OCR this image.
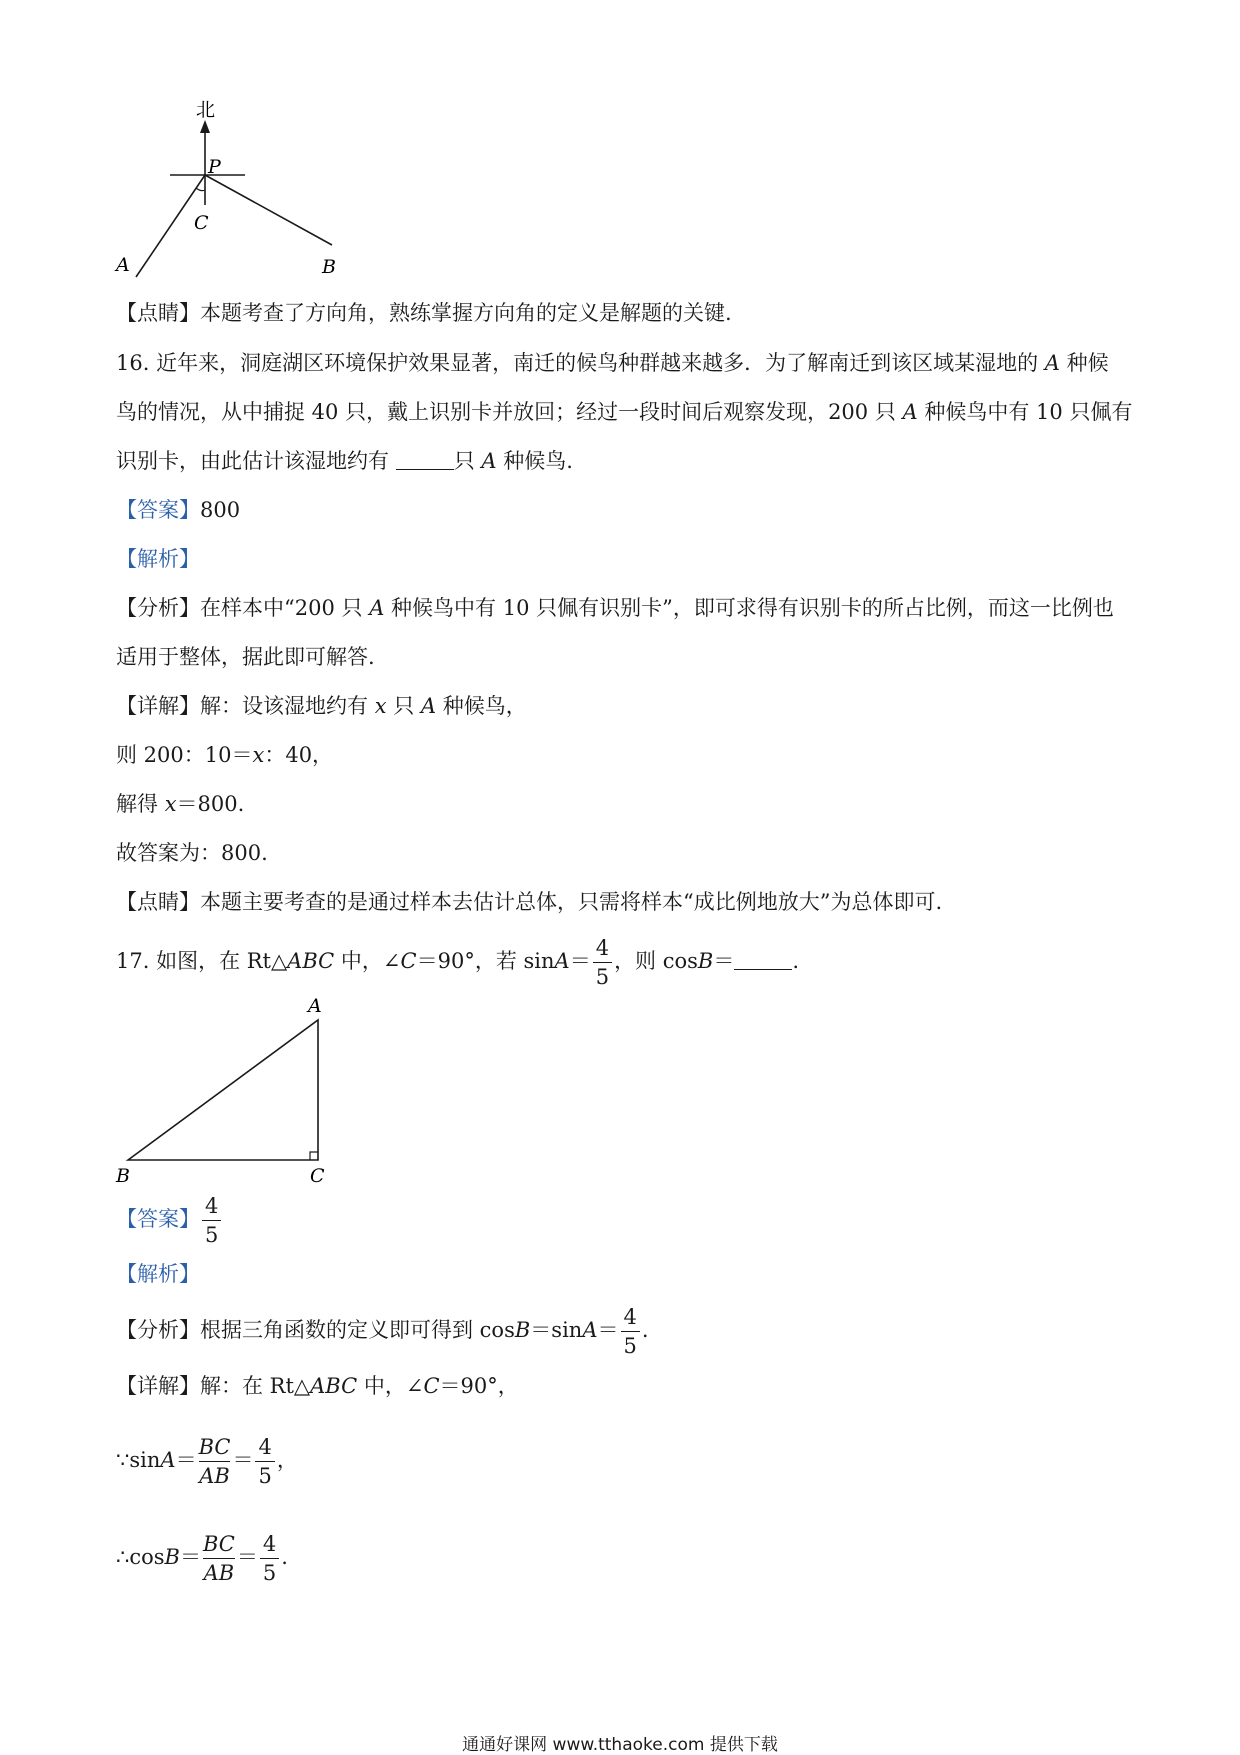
北
P
C
A	B
【点睛】本题考查了方向角，熟练掌握方向角的定义是解题的关键.
16. 近年来，洞庭湖区环境保护效果显著，南迁的候鸟种群越来越多．为了解南迁到该区域某湿地的 A 种候
鸟的情况，从中捕捉 40 只，戴上识别卡并放回；经过一段时间后观察发现，200 只 A 种候鸟中有 10 只佩有
识别卡，由此估计该湿地约有	只 A 种候鸟.
【答案】800
【解析】
【分析】在样本中“200 只 A 种候鸟中有 10 只佩有识别卡”，即可求得有识别卡的所占比例，而这一比例也
适用于整体，据此即可解答.
【详解】解：设该湿地约有 x 只 A 种候鸟，
则 200：10＝x：40，
解得 x＝800.
故答案为：800.
【点睛】本题主要考查的是通过样本去估计总体，只需将样本“成比例地放大”为总体即可.
17. 如图，在 Rt△ABC 中，∠C＝90°，若 $\sin A= \frac{4}{5}$ ，则 cosB＝	.
A
B	C
【答案】 $\frac{4}{5}$
【解析】
【分析】根据三角函数的定义即可得到 $\cos B=\sin A= \frac{4}{5}$ .
【详解】解：在 Rt△ABC 中，∠C＝90°，
∵sinA＝ $\frac{BC}{AB} = \frac{4}{5}$ ，
∴cosB＝ $\frac{BC}{AB} = \frac{4}{5}$ .
通通好课网 www.tthaoke.com 提供下载
